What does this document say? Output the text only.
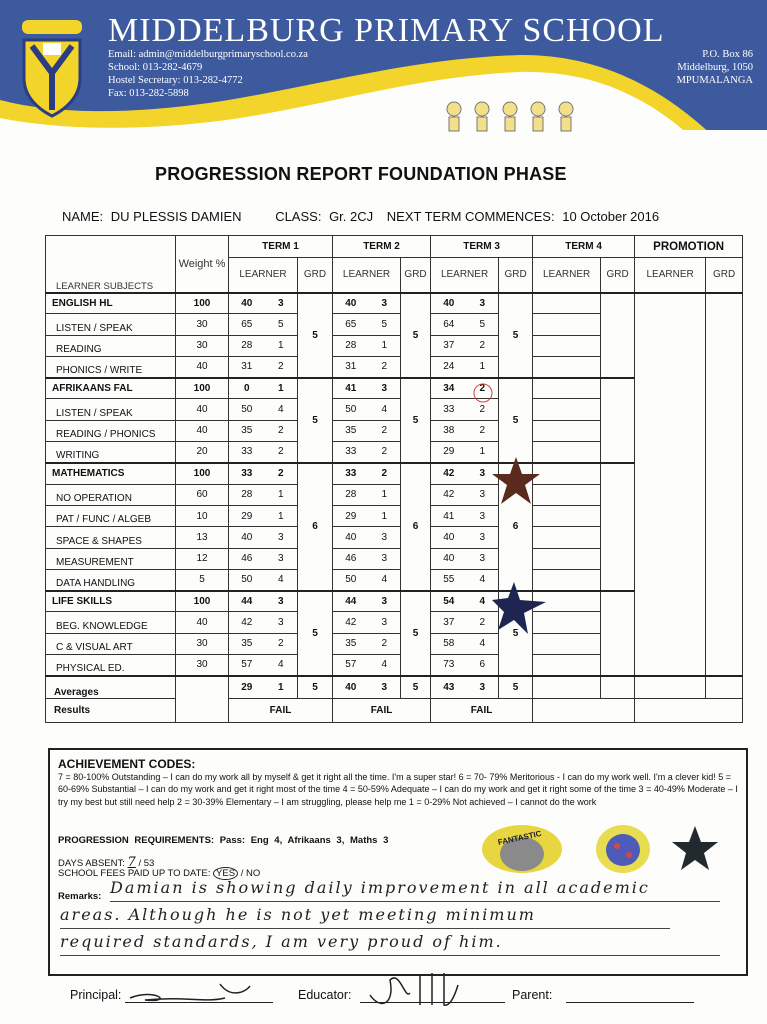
MIDDELBURG PRIMARY SCHOOL
Email: admin@middelburgprimaryschool.co.za
School: 013-282-4679
Hostel Secretary: 013-282-4772
Fax: 013-282-5898
P.O. Box 86
Middelburg, 1050
MPUMALANGA
PROGRESSION REPORT FOUNDATION PHASE
NAME: DU PLESSIS DAMIEN	CLASS: Gr. 2CJ NEXT TERM COMMENCES: 10 October 2016
	Weight %	TERM 1			TERM 2			TERM 3			TERM 4		PROMOTION	
LEARNER SUBJECTS		LEARNER		GRD	LEARNER		GRD	LEARNER		GRD	LEARNER	GRD	LEARNER	GRD
ENGLISH HL	100	40	3	5	40	3	5	40	3	5				
LISTEN / SPEAK	30	65	5		65	5		64	5					
READING	30	28	1		28	1		37	2					
PHONICS / WRITE	40	31	2		31	2		24	1					
AFRIKAANS FAL	100	0	1	5	41	3	5	34	2	5				
LISTEN / SPEAK	40	50	4		50	4		33	2					
READING / PHONICS	40	35	2		35	2		38	2					
WRITING	20	33	2		33	2		29	1					
MATHEMATICS	100	33	2	6	33	2	6	42	3	6				
NO OPERATION	60	28	1		28	1		42	3					
PAT / FUNC / ALGEB	10	29	1		29	1		41	3					
SPACE & SHAPES	13	40	3		40	3		40	3					
MEASUREMENT	12	46	3		46	3		40	3					
DATA HANDLING	5	50	4		50	4		55	4					
LIFE SKILLS	100	44	3	5	44	3	5	54	4	5				
BEG. KNOWLEDGE	40	42	3		42	3		37	2					
C & VISUAL ART	30	35	2		35	2		58	4					
PHYSICAL ED.	30	57	4		57	4		73	6					
Averages		29	1	5	40	3	5	43	3	5				
Results		FAIL			FAIL			FAIL						
ACHIEVEMENT CODES:
7 = 80-100% Outstanding – I can do my work all by myself & get it right all the time. I'm a super star! 6 = 70- 79% Meritorious - I can do my work well. I'm a clever kid! 5 = 60-69% Substantial – I can do my work and get it right most of the time 4 = 50-59% Adequate – I can do my work and get it right some of the time 3 = 40-49% Moderate – I try my best but still need help 2 = 30-39% Elementary – I am struggling, please help me 1 = 0-29% Not achieved – I cannot do the work
PROGRESSION REQUIREMENTS: Pass: Eng 4, Afrikaans 3, Maths 3
DAYS ABSENT: 7 / 53
SCHOOL FEES PAID UP TO DATE: YES / NO
Remarks: Damian is showing daily improvement in all academic
areas. Although he is not yet meeting minimum
required standards, I am very proud of him.
FANTASTIC
Principal:	Educator:	Parent:
